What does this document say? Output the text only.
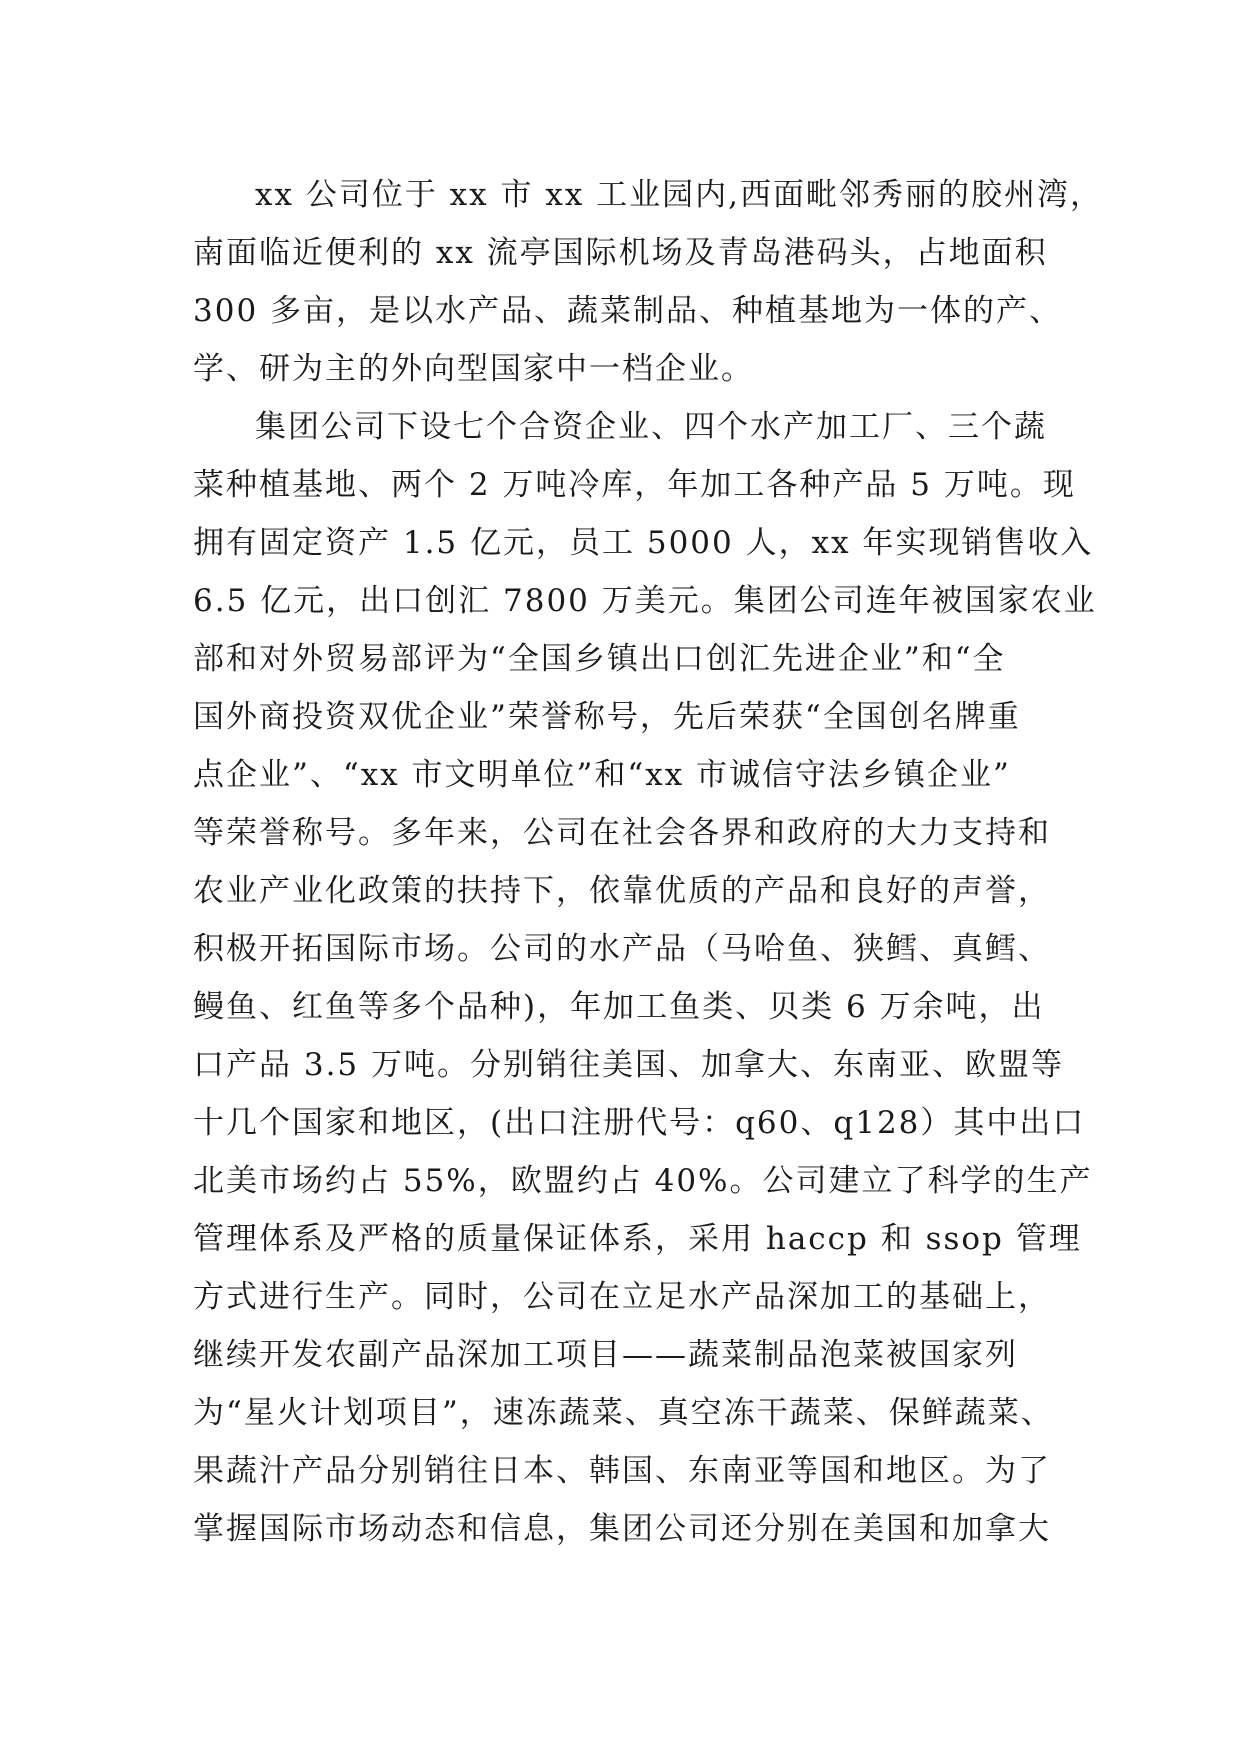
xx 公司位于 xx 市 xx 工业园内,西面毗邻秀丽的胶州湾，
南面临近便利的 xx 流亭国际机场及青岛港码头，占地面积
300 多亩，是以水产品、蔬菜制品、种植基地为一体的产、
学、研为主的外向型国家中一档企业。
集团公司下设七个合资企业、四个水产加工厂、三个蔬
菜种植基地、两个 2 万吨冷库，年加工各种产品 5 万吨。现
拥有固定资产 1.5 亿元，员工 5000 人，xx 年实现销售收入
6.5 亿元，出口创汇 7800 万美元。集团公司连年被国家农业
部和对外贸易部评为“全国乡镇出口创汇先进企业”和“全
国外商投资双优企业”荣誉称号，先后荣获“全国创名牌重
点企业”、“xx 市文明单位”和“xx 市诚信守法乡镇企业”
等荣誉称号。多年来，公司在社会各界和政府的大力支持和
农业产业化政策的扶持下，依靠优质的产品和良好的声誉，
积极开拓国际市场。公司的水产品（马哈鱼、狭鳕、真鳕、
鳗鱼、红鱼等多个品种)，年加工鱼类、贝类 6 万余吨，出
口产品 3.5 万吨。分别销往美国、加拿大、东南亚、欧盟等
十几个国家和地区，(出口注册代号：q60、q128）其中出口
北美市场约占 55%，欧盟约占 40%。公司建立了科学的生产
管理体系及严格的质量保证体系，采用 haccp 和 ssop 管理
方式进行生产。同时，公司在立足水产品深加工的基础上，
继续开发农副产品深加工项目——蔬菜制品泡菜被国家列
为“星火计划项目”，速冻蔬菜、真空冻干蔬菜、保鲜蔬菜、
果蔬汁产品分别销往日本、韩国、东南亚等国和地区。为了
掌握国际市场动态和信息，集团公司还分别在美国和加拿大
